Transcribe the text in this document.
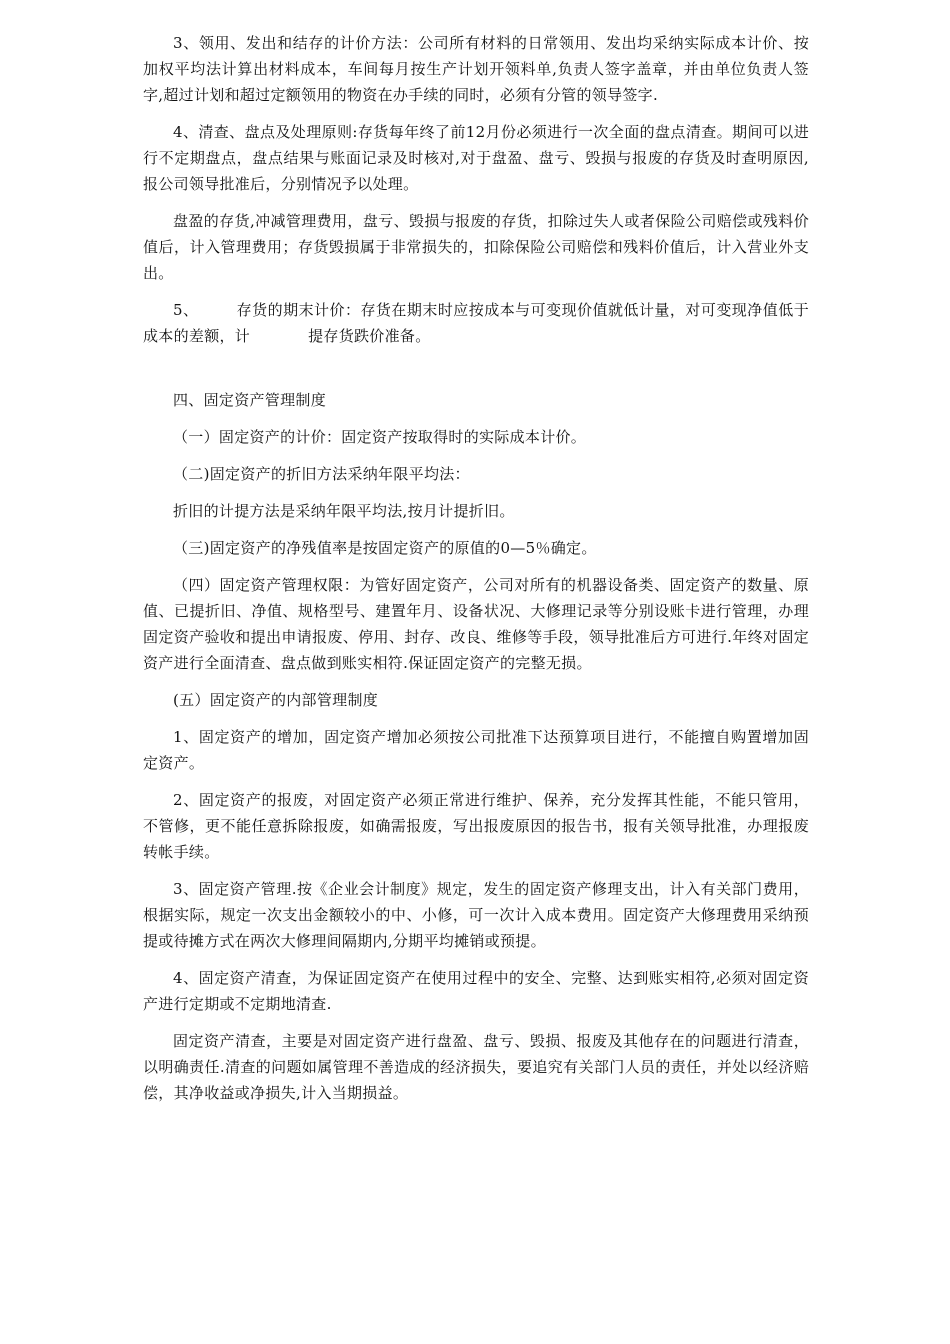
3、领用、发出和结存的计价方法：公司所有材料的日常领用、发出均采纳实际成本计价、按加权平均法计算出材料成本，车间每月按生产计划开领料单,负责人签字盖章，并由单位负责人签字,超过计划和超过定额领用的物资在办手续的同时，必须有分管的领导签字.

4、清查、盘点及处理原则:存货每年终了前12月份必须进行一次全面的盘点清查。期间可以进行不定期盘点，盘点结果与账面记录及时核对,对于盘盈、盘亏、毁损与报废的存货及时查明原因,报公司领导批准后，分别情况予以处理。

盘盈的存货,冲减管理费用，盘亏、毁损与报废的存货，扣除过失人或者保险公司赔偿或残料价值后，计入管理费用；存货毁损属于非常损失的，扣除保险公司赔偿和残料价值后，计入营业外支出。

5、	存货的期末计价：存货在期末时应按成本与可变现价值就低计量，对可变现净值低于成本的差额，计	提存货跌价准备。

四、固定资产管理制度

（一）固定资产的计价：固定资产按取得时的实际成本计价。

（二)固定资产的折旧方法采纳年限平均法：

折旧的计提方法是采纳年限平均法,按月计提折旧。

（三)固定资产的净残值率是按固定资产的原值的0—5％确定。

（四）固定资产管理权限：为管好固定资产，公司对所有的机器设备类、固定资产的数量、原值、已提折旧、净值、规格型号、建置年月、设备状况、大修理记录等分别设账卡进行管理，办理固定资产验收和提出申请报废、停用、封存、改良、维修等手段，领导批准后方可进行.年终对固定资产进行全面清查、盘点做到账实相符.保证固定资产的完整无损。

(五）固定资产的内部管理制度

1、固定资产的增加，固定资产增加必须按公司批准下达预算项目进行，不能擅自购置增加固定资产。

2、固定资产的报废，对固定资产必须正常进行维护、保养，充分发挥其性能，不能只管用，不管修，更不能任意拆除报废，如确需报废，写出报废原因的报告书，报有关领导批准，办理报废转帐手续。

3、固定资产管理.按《企业会计制度》规定，发生的固定资产修理支出，计入有关部门费用，根据实际，规定一次支出金额较小的中、小修，可一次计入成本费用。固定资产大修理费用采纳预提或待摊方式在两次大修理间隔期内,分期平均摊销或预提。

4、固定资产清查，为保证固定资产在使用过程中的安全、完整、达到账实相符,必须对固定资产进行定期或不定期地清查.

固定资产清查，主要是对固定资产进行盘盈、盘亏、毁损、报废及其他存在的问题进行清查，以明确责任.清查的问题如属管理不善造成的经济损失，要追究有关部门人员的责任，并处以经济赔偿，其净收益或净损失,计入当期损益。
